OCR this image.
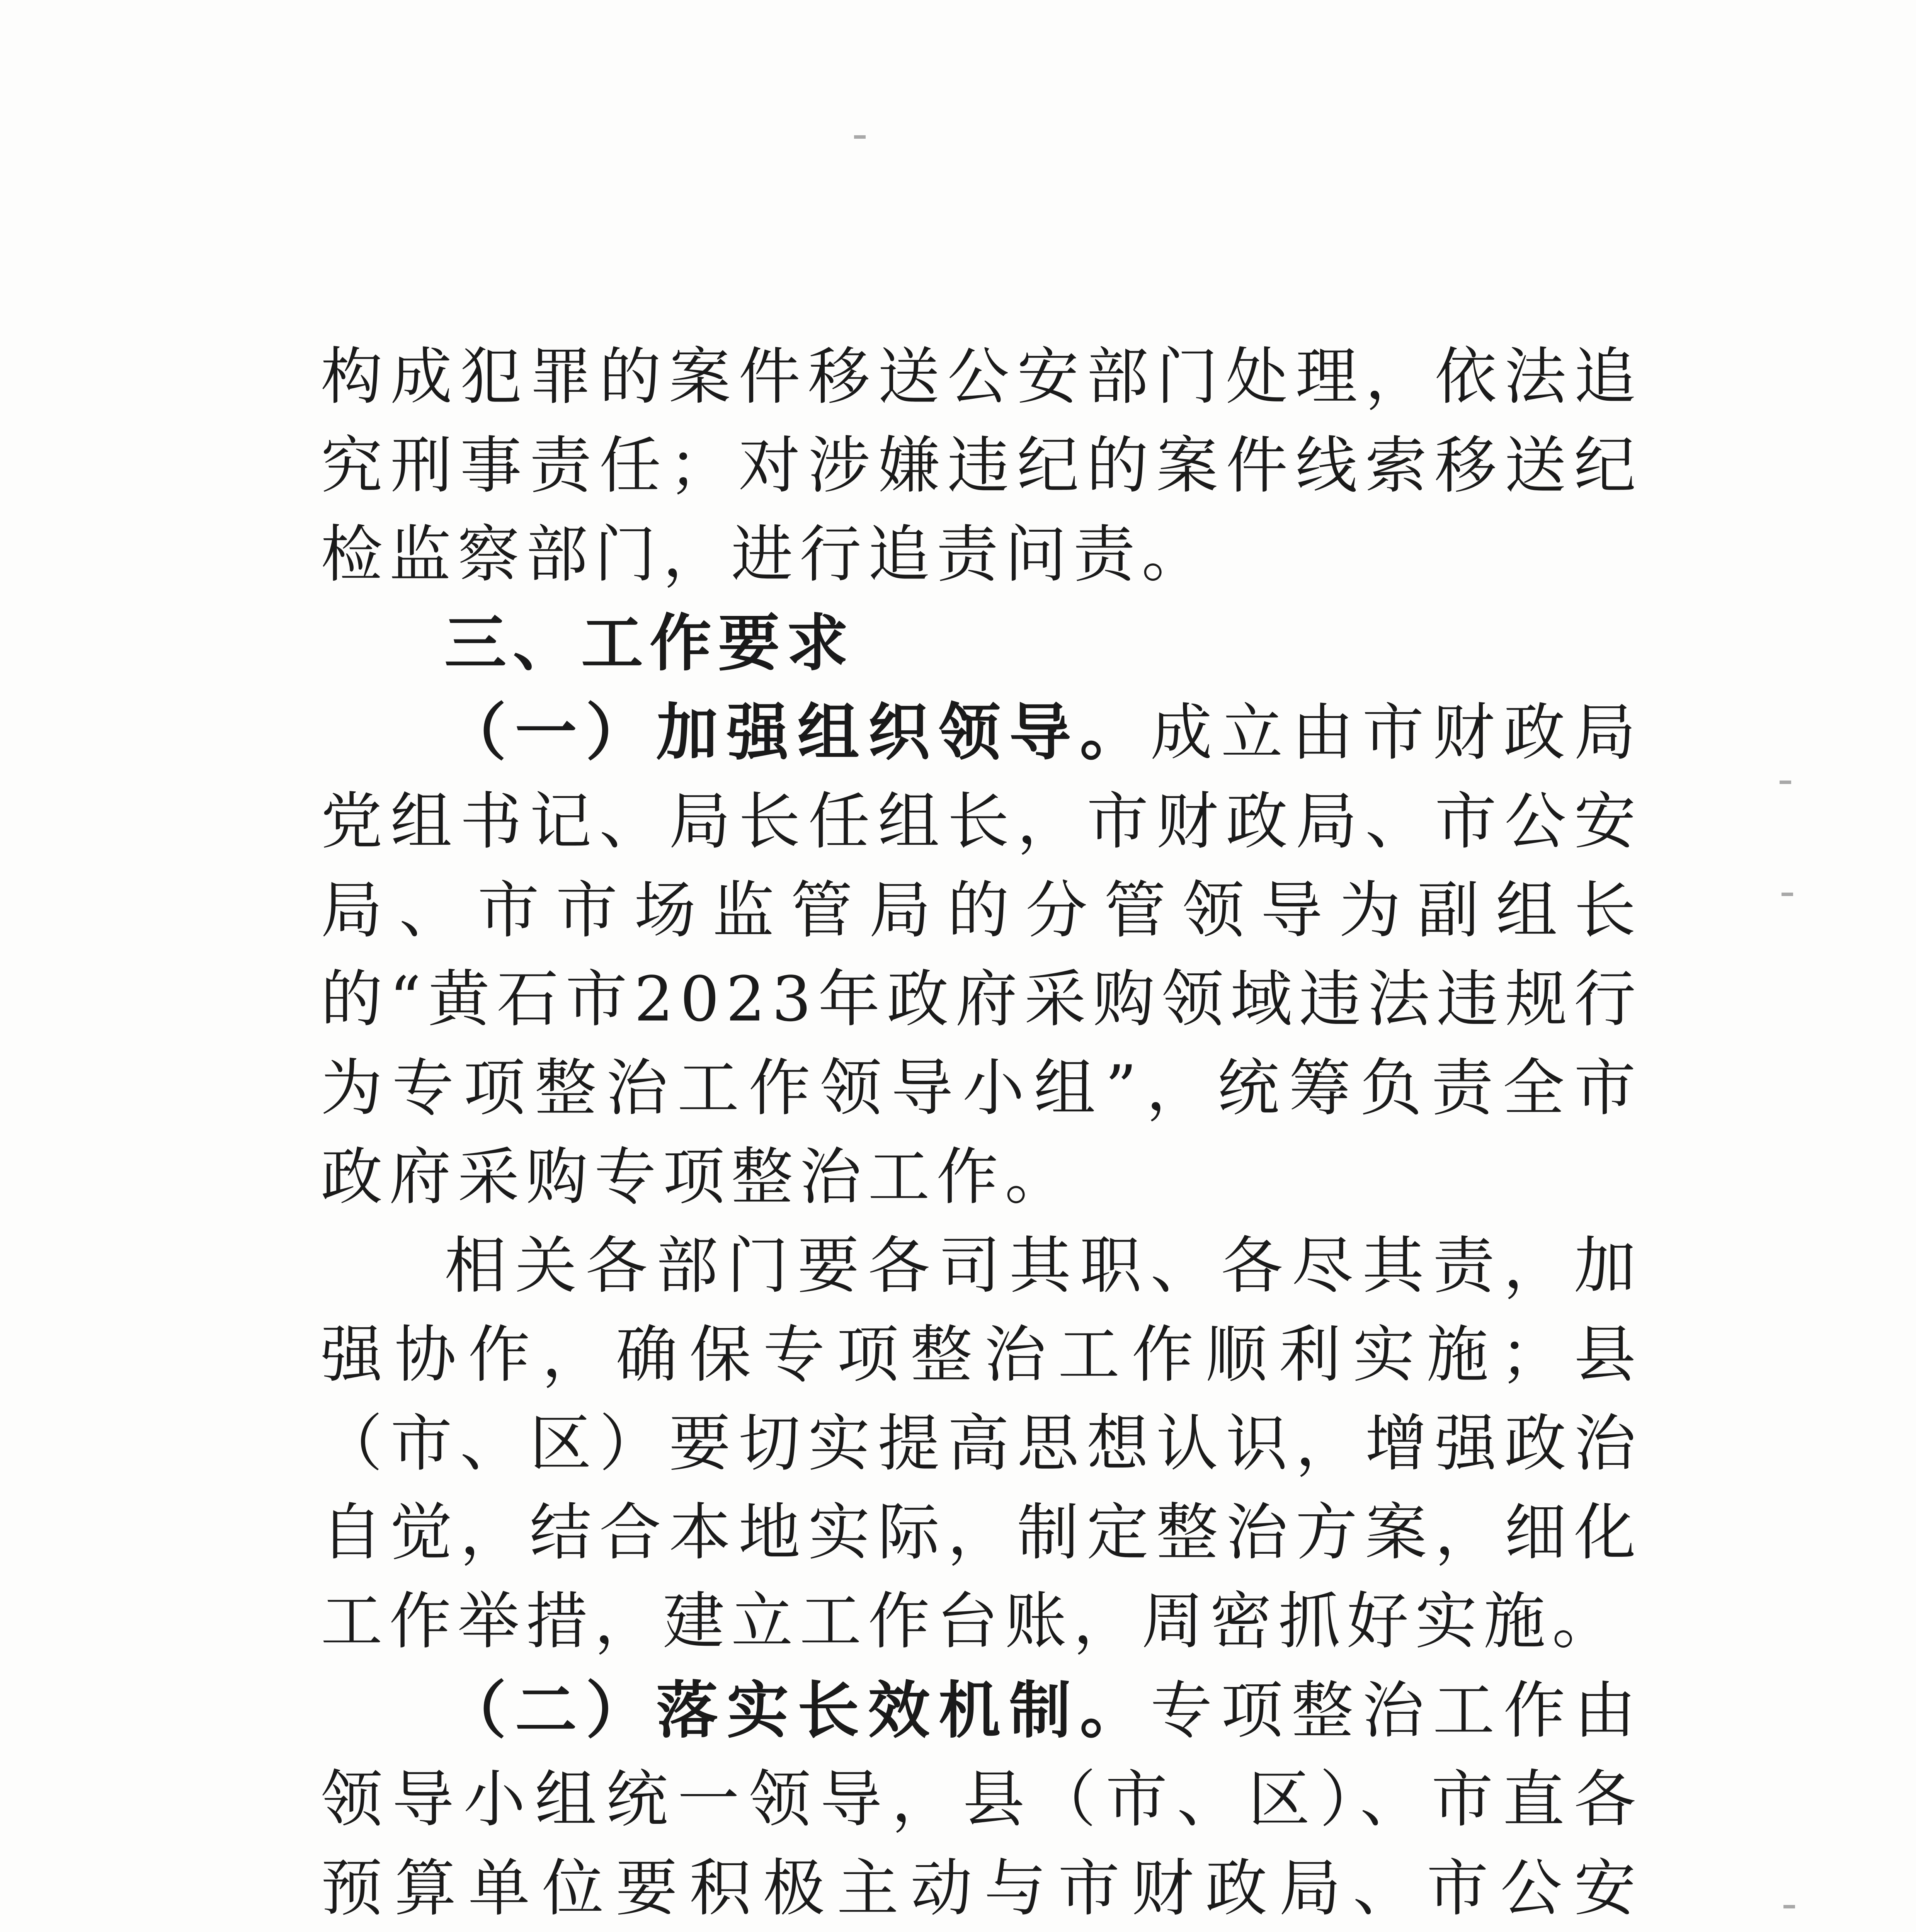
构成犯罪的案件移送公安部门处理，依法追究刑事责任；对涉嫌违纪的案件线索移送纪检监察部门，进行追责问责。

三、工作要求

（一）加强组织领导。成立由市财政局党组书记、局长任组长，市财政局、市公安局、市市场监管局的分管领导为副组长的“黄石市2023年政府采购领域违法违规行为专项整治工作领导小组”，统筹负责全市政府采购专项整治工作。

相关各部门要各司其职、各尽其责，加强协作，确保专项整治工作顺利实施；县（市、区）要切实提高思想认识，增强政治自觉，结合本地实际，制定整治方案，细化工作举措，建立工作台账，周密抓好实施。

（二）落实长效机制。专项整治工作由领导小组统一领导，县（市、区）、市直各预算单位要积极主动与市财政局、市公安
